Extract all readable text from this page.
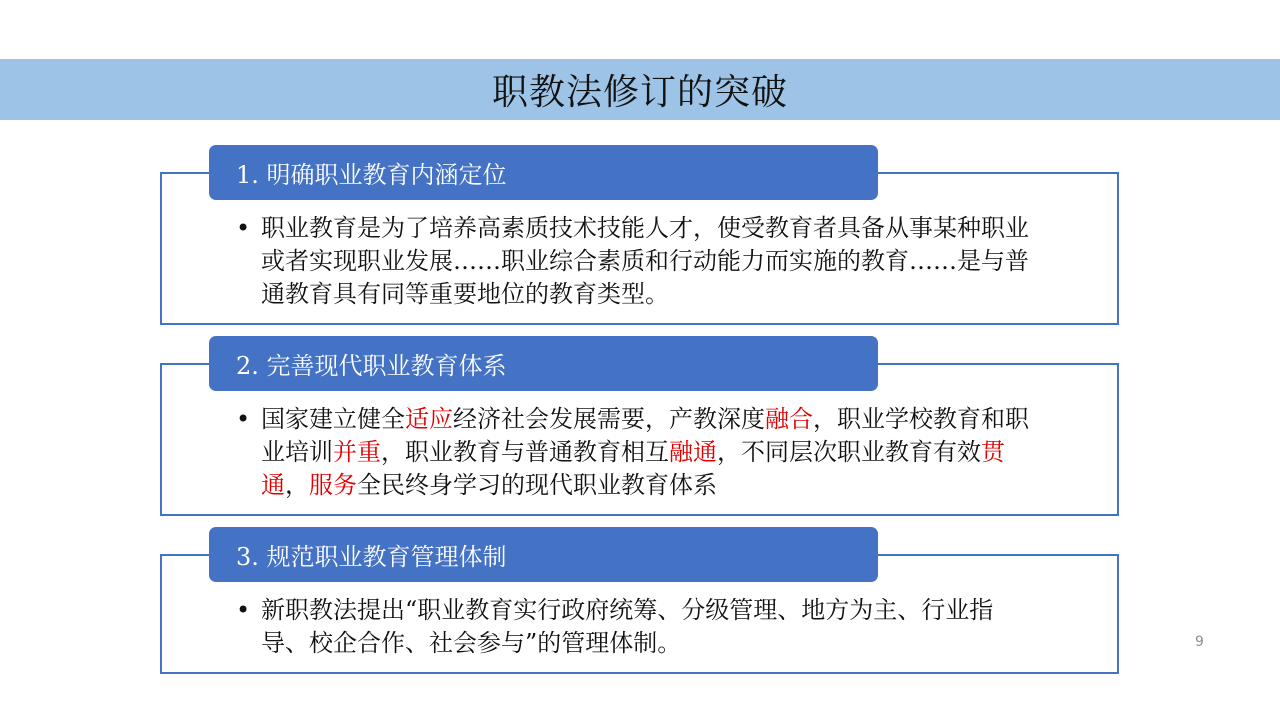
职教法修订的突破
1. 明确职业教育内涵定位
• 职业教育是为了培养高素质技术技能人才，使受教育者具备从事某种职业或者实现职业发展……职业综合素质和行动能力而实施的教育……是与普通教育具有同等重要地位的教育类型。
2. 完善现代职业教育体系
• 国家建立健全适应经济社会发展需要，产教深度融合，职业学校教育和职业培训并重，职业教育与普通教育相互融通，不同层次职业教育有效贯通，服务全民终身学习的现代职业教育体系
3. 规范职业教育管理体制
• 新职教法提出“职业教育实行政府统筹、分级管理、地方为主、行业指导、校企合作、社会参与”的管理体制。	9
